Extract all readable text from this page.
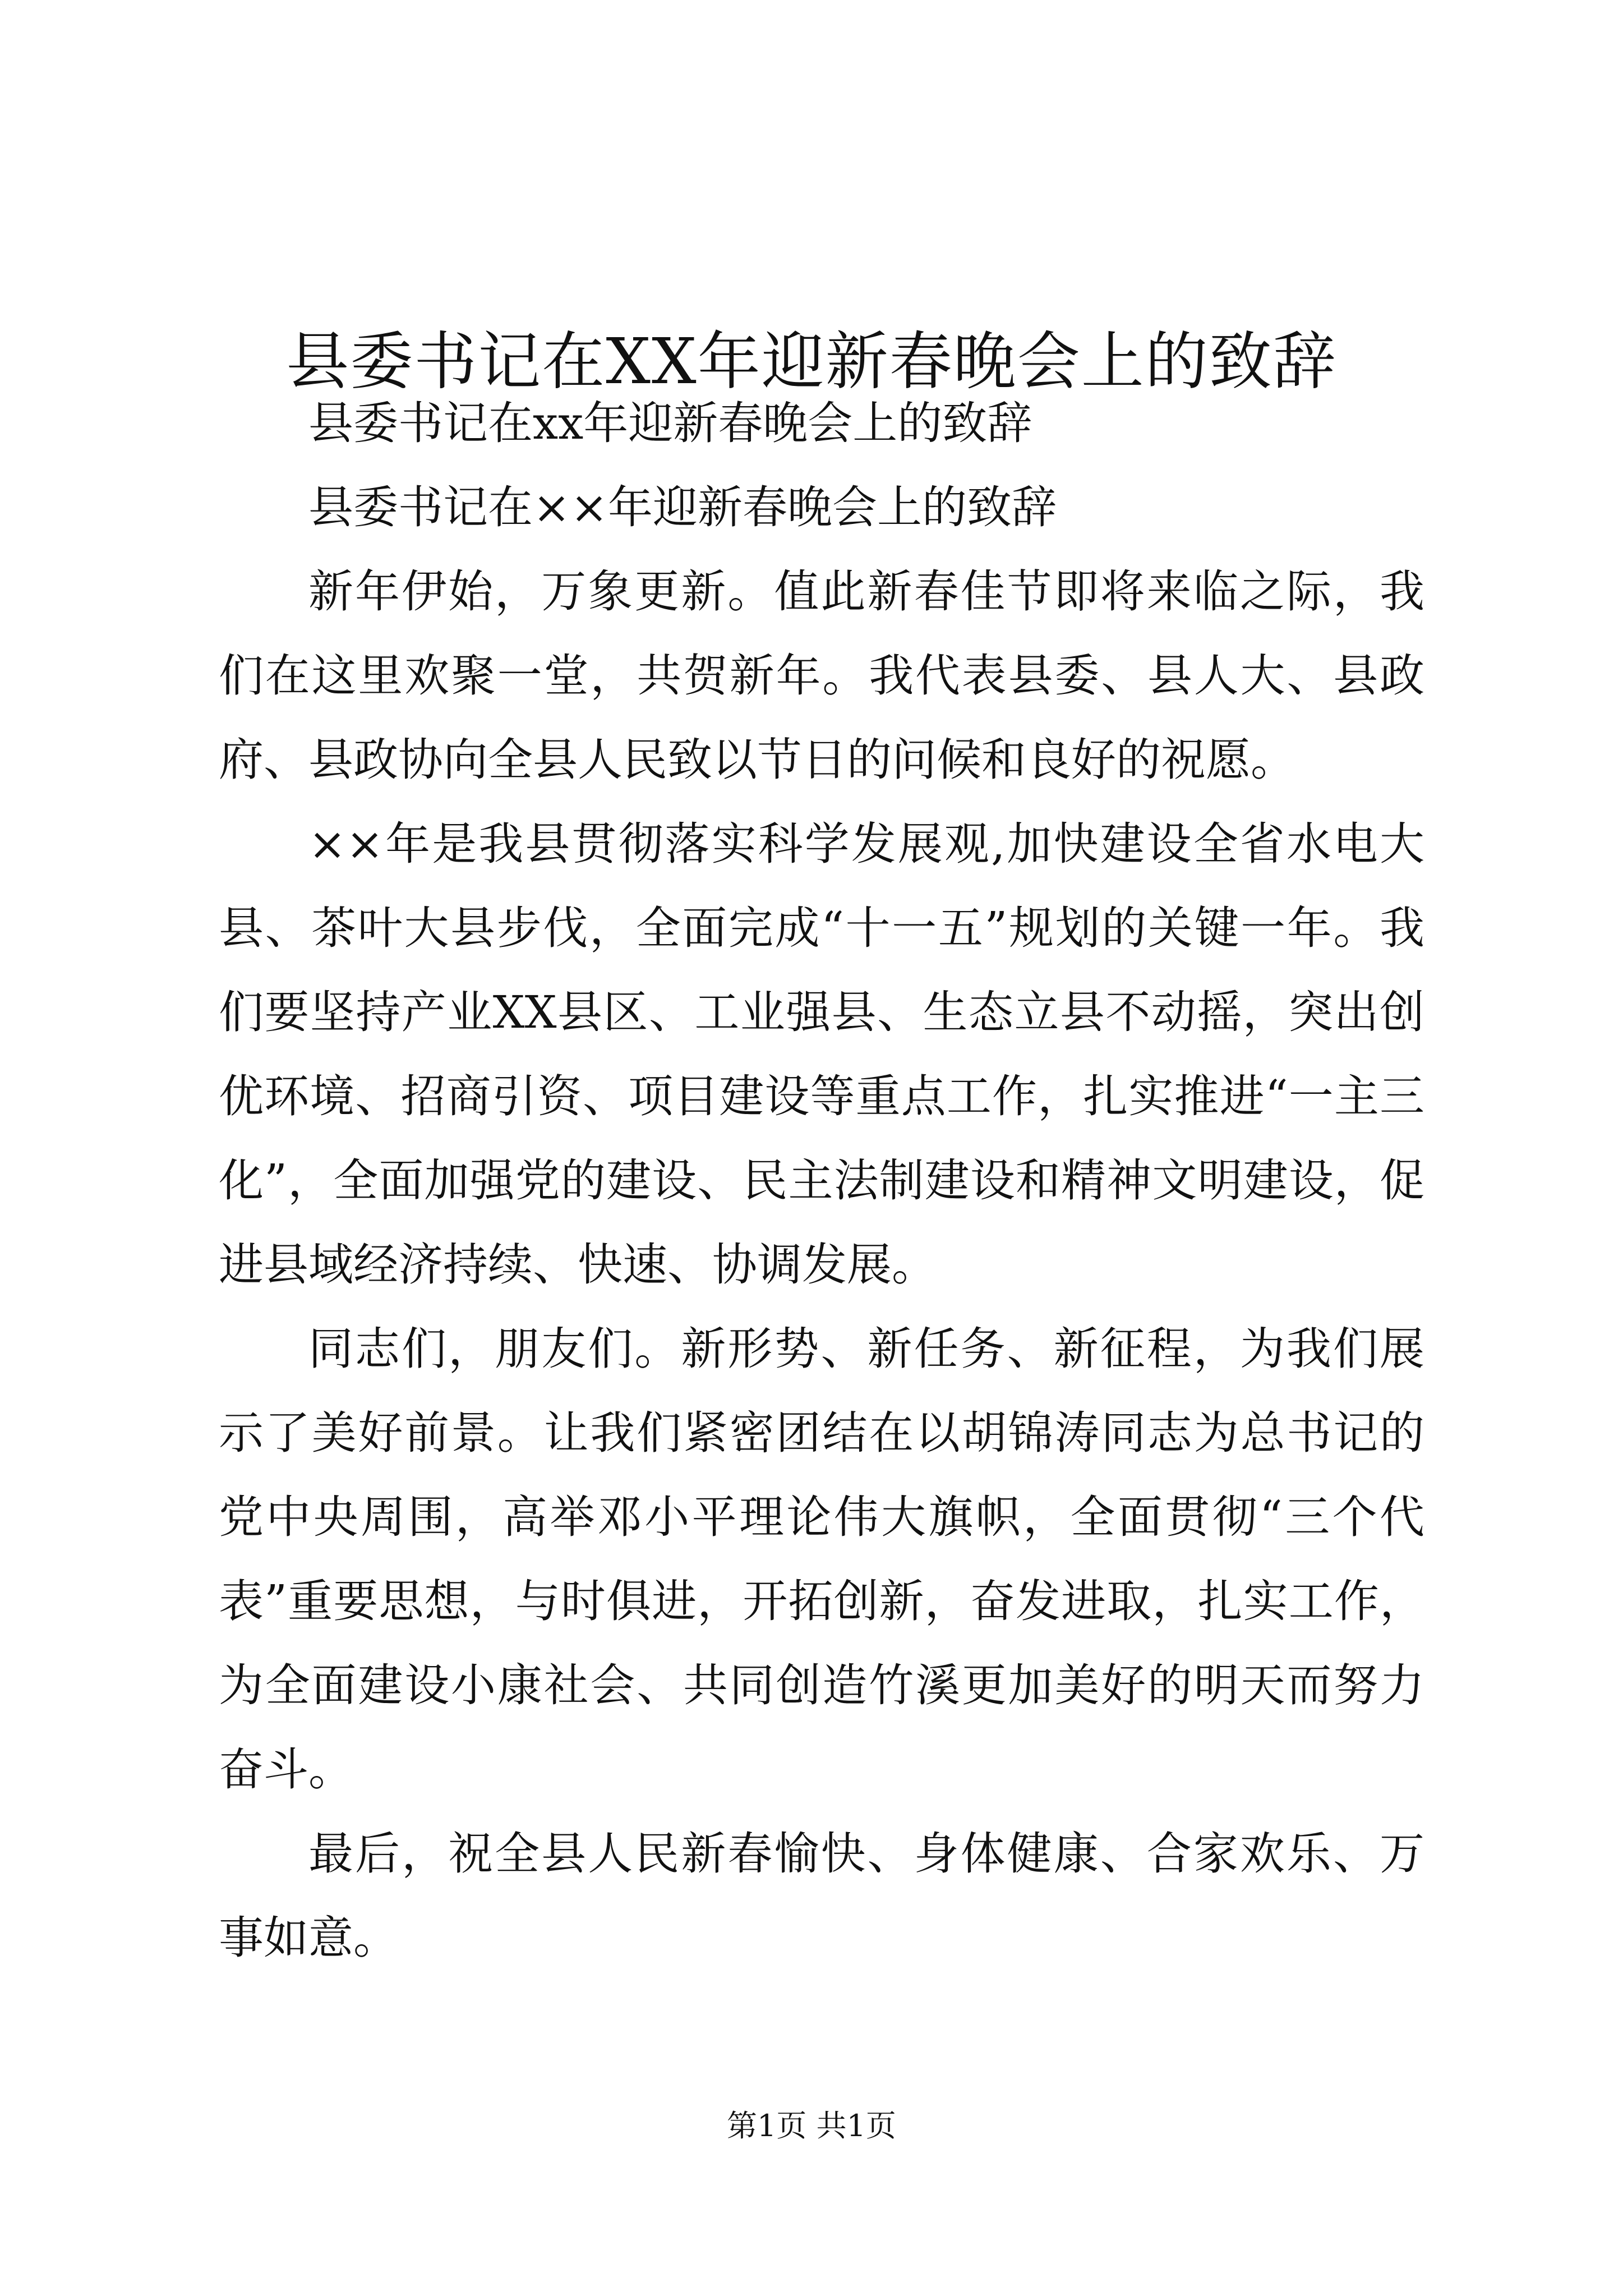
县委书记在XX年迎新春晚会上的致辞

县委书记在xx年迎新春晚会上的致辞

县委书记在××年迎新春晚会上的致辞

新年伊始，万象更新。值此新春佳节即将来临之际，我们在这里欢聚一堂，共贺新年。我代表县委、县人大、县政府、县政协向全县人民致以节日的问候和良好的祝愿。

××年是我县贯彻落实科学发展观,加快建设全省水电大县、茶叶大县步伐，全面完成“十一五”规划的关键一年。我们要坚持产业XX县区、工业强县、生态立县不动摇，突出创优环境、招商引资、项目建设等重点工作，扎实推进“一主三化”，全面加强党的建设、民主法制建设和精神文明建设，促进县域经济持续、快速、协调发展。

同志们，朋友们。新形势、新任务、新征程，为我们展示了美好前景。让我们紧密团结在以胡锦涛同志为总书记的党中央周围，高举邓小平理论伟大旗帜，全面贯彻“三个代表”重要思想，与时俱进，开拓创新，奋发进取，扎实工作，为全面建设小康社会、共同创造竹溪更加美好的明天而努力奋斗。

最后，祝全县人民新春愉快、身体健康、合家欢乐、万事如意。

第1页 共1页
